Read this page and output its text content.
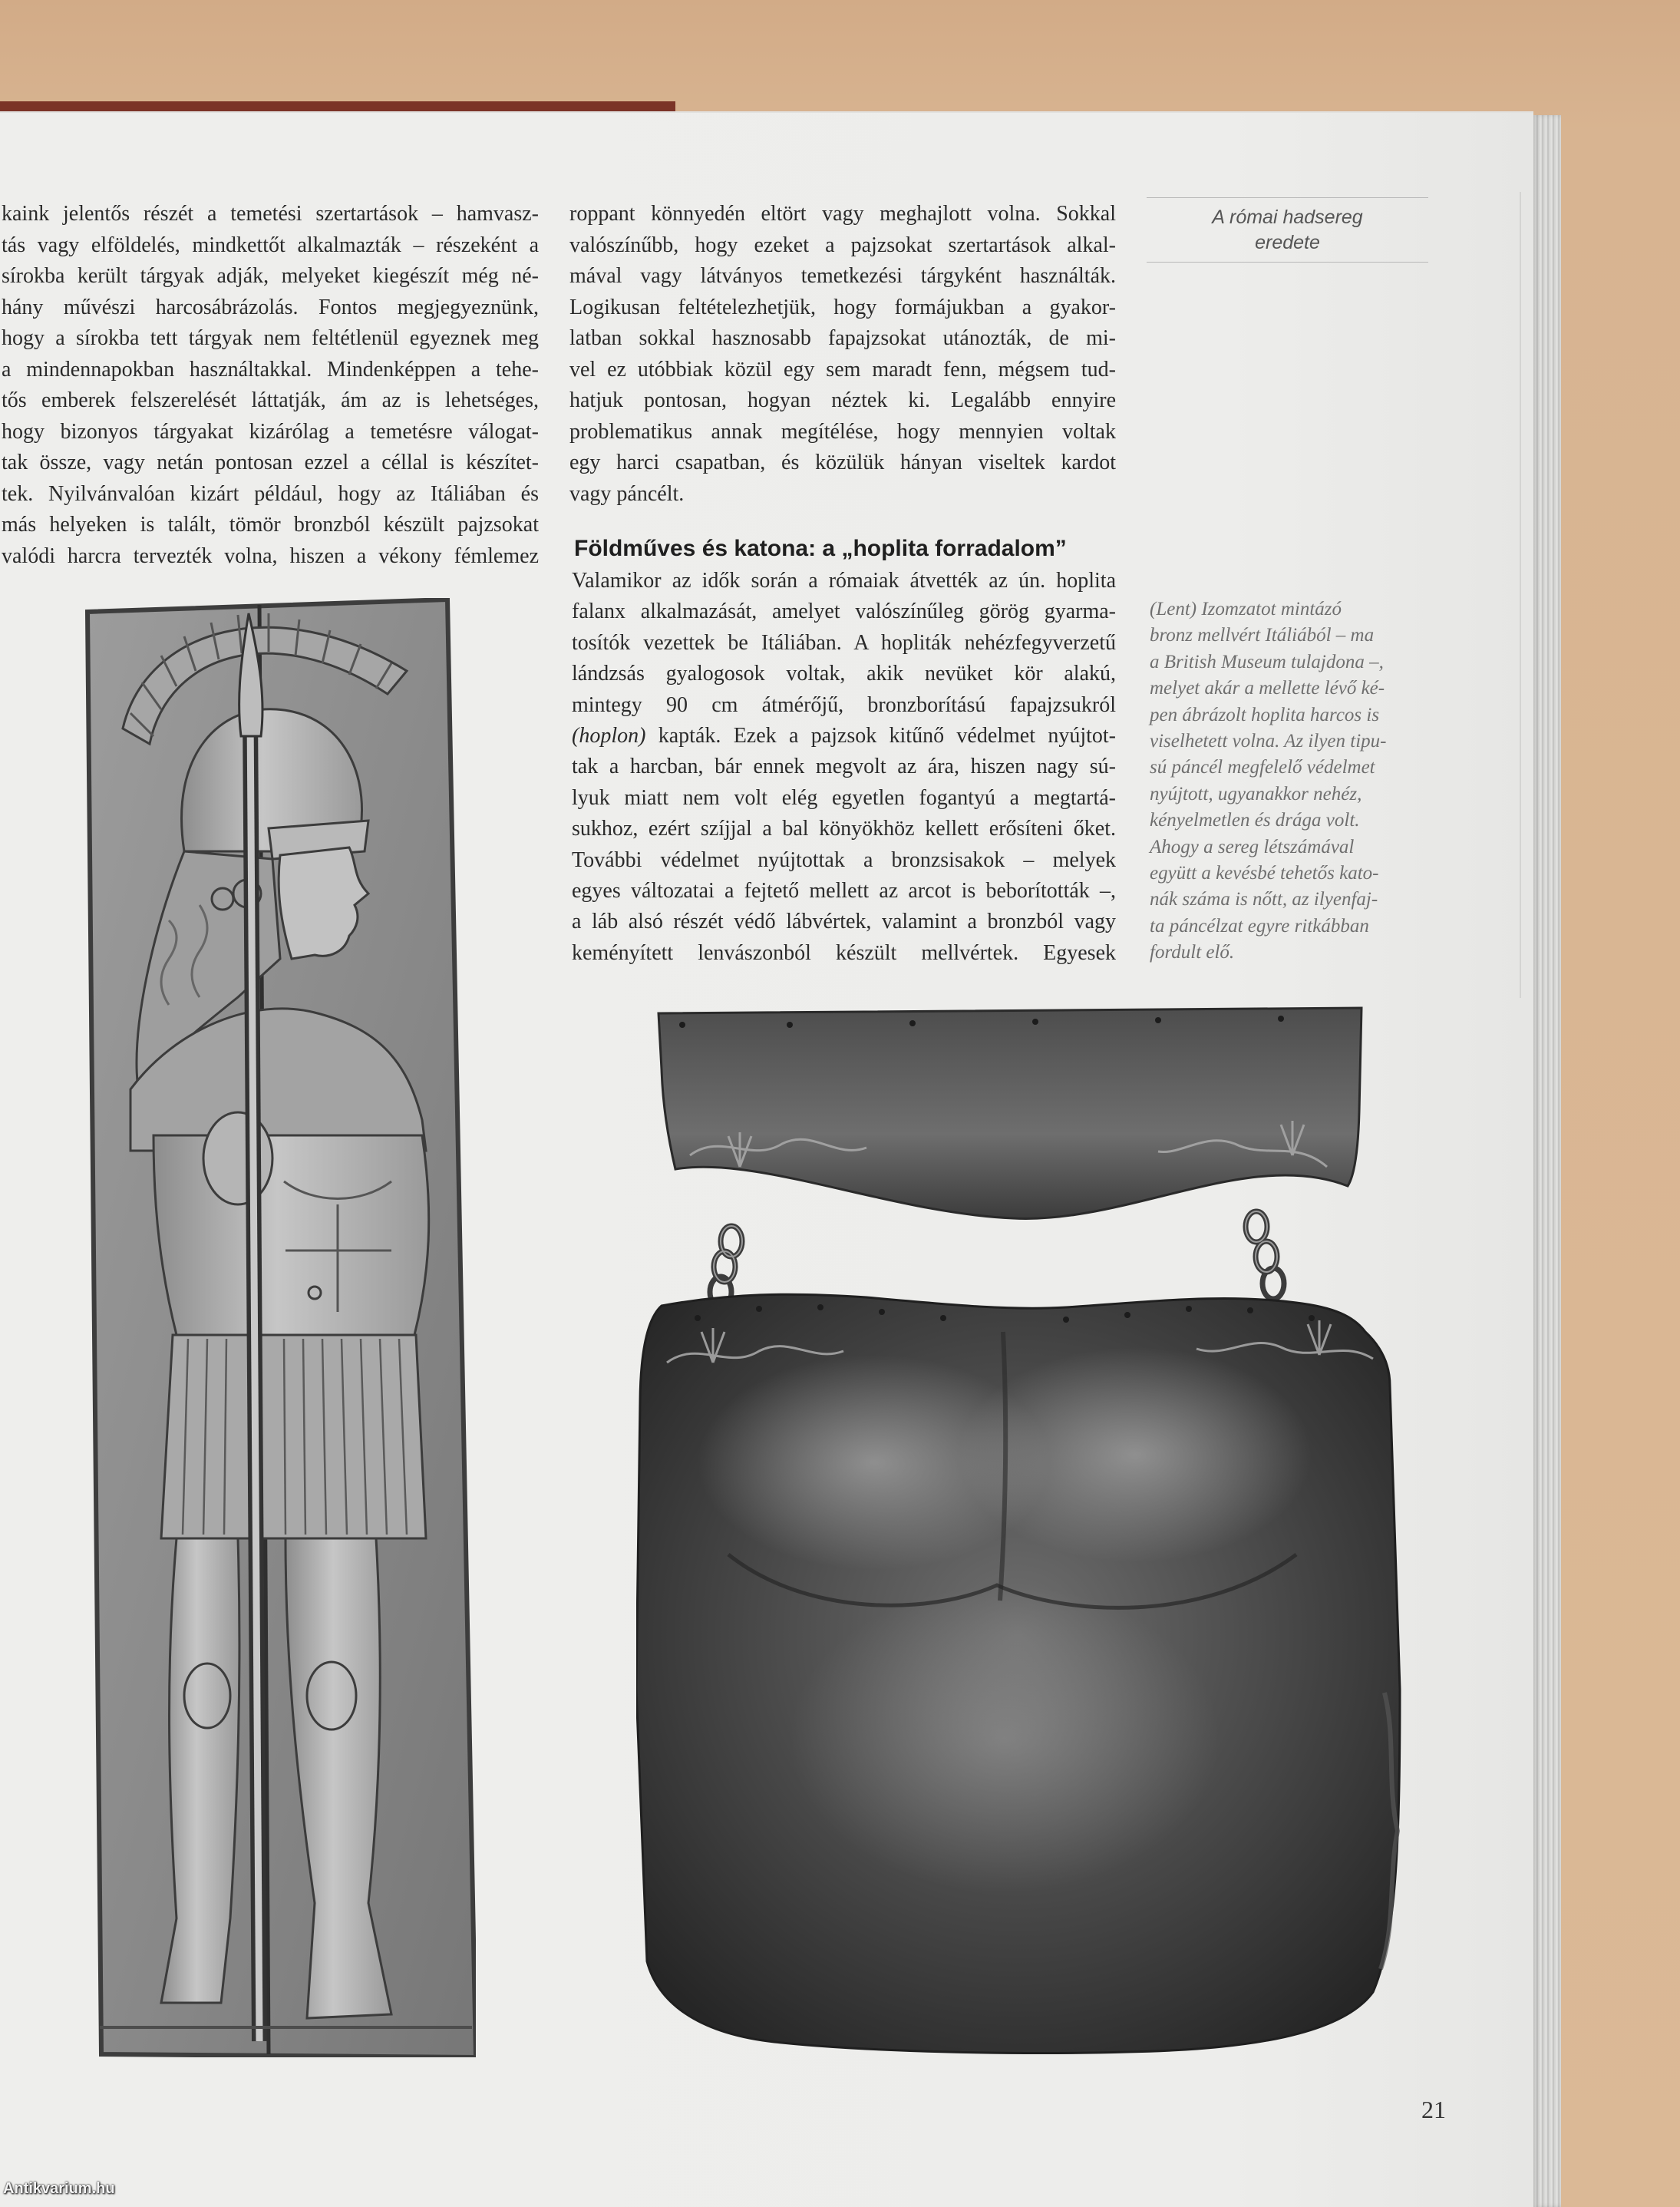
kaink jelentős részét a temetési szertartások – hamvasz-
tás vagy elföldelés, mindkettőt alkalmazták – részeként a
sírokba került tárgyak adják, melyeket kiegészít még né-
hány művészi harcosábrázolás. Fontos megjegyeznünk,
hogy a sírokba tett tárgyak nem feltétlenül egyeznek meg
a mindennapokban használtakkal. Mindenképpen a tehe-
tős emberek felszerelését láttatják, ám az is lehetséges,
hogy bizonyos tárgyakat kizárólag a temetésre válogat-
tak össze, vagy netán pontosan ezzel a céllal is készítet-
tek. Nyilvánvalóan kizárt például, hogy az Itáliában és
más helyeken is talált, tömör bronzból készült pajzsokat
valódi harcra tervezték volna, hiszen a vékony fémlemez
roppant könnyedén eltört vagy meghajlott volna. Sokkal
valószínűbb, hogy ezeket a pajzsokat szertartások alkal-
mával vagy látványos temetkezési tárgyként használták.
Logikusan feltételezhetjük, hogy formájukban a gyakor-
latban sokkal hasznosabb fapajzsokat utánozták, de mi-
vel ez utóbbiak közül egy sem maradt fenn, mégsem tud-
hatjuk pontosan, hogyan néztek ki. Legalább ennyire
problematikus annak megítélése, hogy mennyien voltak
egy harci csapatban, és közülük hányan viseltek kardot
vagy páncélt.
Földműves és katona: a „hoplita forradalom”
Valamikor az idők során a rómaiak átvették az ún. hoplita
falanx alkalmazását, amelyet valószínűleg görög gyarma-
tosítók vezettek be Itáliában. A hopliták nehézfegyverzetű
lándzsás gyalogosok voltak, akik nevüket kör alakú,
mintegy 90 cm átmérőjű, bronzborítású fapajzsukról
(hoplon) kapták. Ezek a pajzsok kitűnő védelmet nyújtot-
tak a harcban, bár ennek megvolt az ára, hiszen nagy sú-
lyuk miatt nem volt elég egyetlen fogantyú a megtartá-
sukhoz, ezért szíjjal a bal könyökhöz kellett erősíteni őket.
További védelmet nyújtottak a bronzsisakok – melyek
egyes változatai a fejtető mellett az arcot is beborították –,
a láb alsó részét védő lábvértek, valamint a bronzból vagy
keményített lenvászonból készült mellvértek. Egyesek
A római hadsereg
eredete
(Lent) Izomzatot mintázó
bronz mellvért Itáliából – ma
a British Museum tulajdona –,
melyet akár a mellette lévő ké-
pen ábrázolt hoplita harcos is
viselhetett volna. Az ilyen tipu-
sú páncél megfelelő védelmet
nyújtott, ugyanakkor nehéz,
kényelmetlen és drága volt.
Ahogy a sereg létszámával
együtt a kevésbé tehetős kato-
nák száma is nőtt, az ilyenfaj-
ta páncélzat egyre ritkábban
fordult elő.
21
Antikvarium.hu
